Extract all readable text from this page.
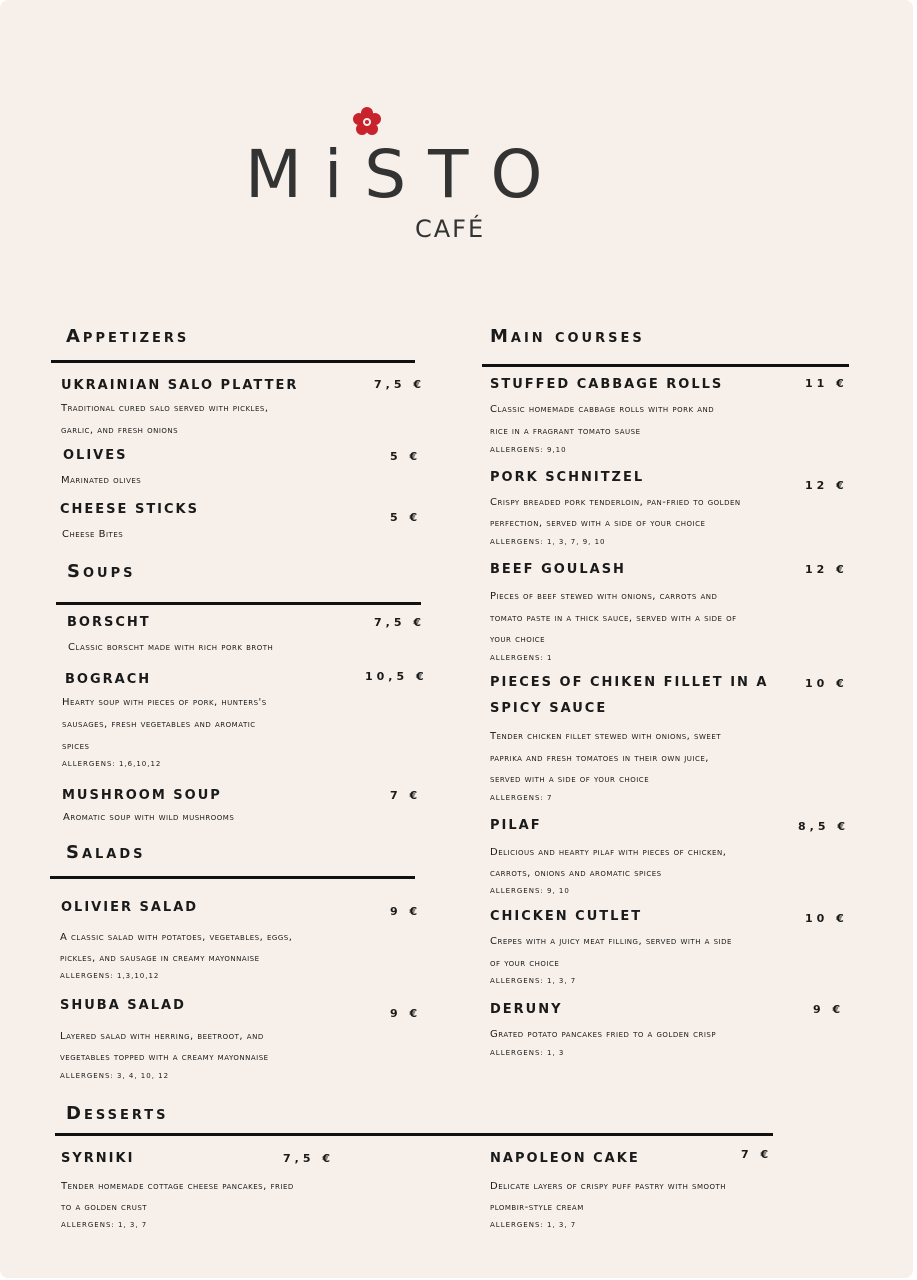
MiSTO
CAFÉ
Appetizers
UKRAINIAN SALO PLATTER	7,5 €
Traditional cured salo served with pickles,
garlic, and fresh onions
OLIVES	5 €
Marinated olives
CHEESE STICKS
5 €
Cheese Bites
Soups
BORSCHT	7,5 €
Classic borscht made with rich pork broth
BOGRACH	10,5 €
Hearty soup with pieces of pork, hunters's
sausages, fresh vegetables and aromatic
spices
ALLERGENS: 1,6,10,12
MUSHROOM SOUP	7 €
Aromatic soup with wild mushrooms
Salads
OLIVIER SALAD	9 €
A classic salad with potatoes, vegetables, eggs,
pickles, and sausage in creamy mayonnaise
ALLERGENS: 1,3,10,12
SHUBA SALAD
9 €
Layered salad with herring, beetroot, and
vegetables topped with a creamy mayonnaise
ALLERGENS: 3, 4, 10, 12
Main courses
STUFFED CABBAGE ROLLS	11 €
Classic homemade cabbage rolls with pork and
rice in a fragrant tomato sause
ALLERGENS: 9,10
PORK SCHNITZEL
12 €
Crispy breaded pork tenderloin, pan-fried to golden
perfection, served with a side of your choice
ALLERGENS: 1, 3, 7, 9, 10
BEEF GOULASH	12 €
Pieces of beef stewed with onions, carrots and
tomato paste in a thick sauce, served with a side of
your choice
ALLERGENS: 1
PIECES OF CHIKEN FILLET IN A
SPICY SAUCE
10 €
Tender chicken fillet stewed with onions, sweet
paprika and fresh tomatoes in their own juice,
served with a side of your choice
ALLERGENS: 7
PILAF	8,5 €
Delicious and hearty pilaf with pieces of chicken,
carrots, onions and aromatic spices
ALLERGENS: 9, 10
CHICKEN CUTLET	10 €
Crepes with a juicy meat filling, served with a side
of your choice
ALLERGENS: 1, 3, 7
DERUNY	9 €
Grated potato pancakes fried to a golden crisp
ALLERGENS: 1, 3
Desserts
SYRNIKI	7,5 €
Tender homemade cottage cheese pancakes, fried
to a golden crust
ALLERGENS: 1, 3, 7
NAPOLEON CAKE	7 €
Delicate layers of crispy puff pastry with smooth
plombir-style cream
ALLERGENS: 1, 3, 7
